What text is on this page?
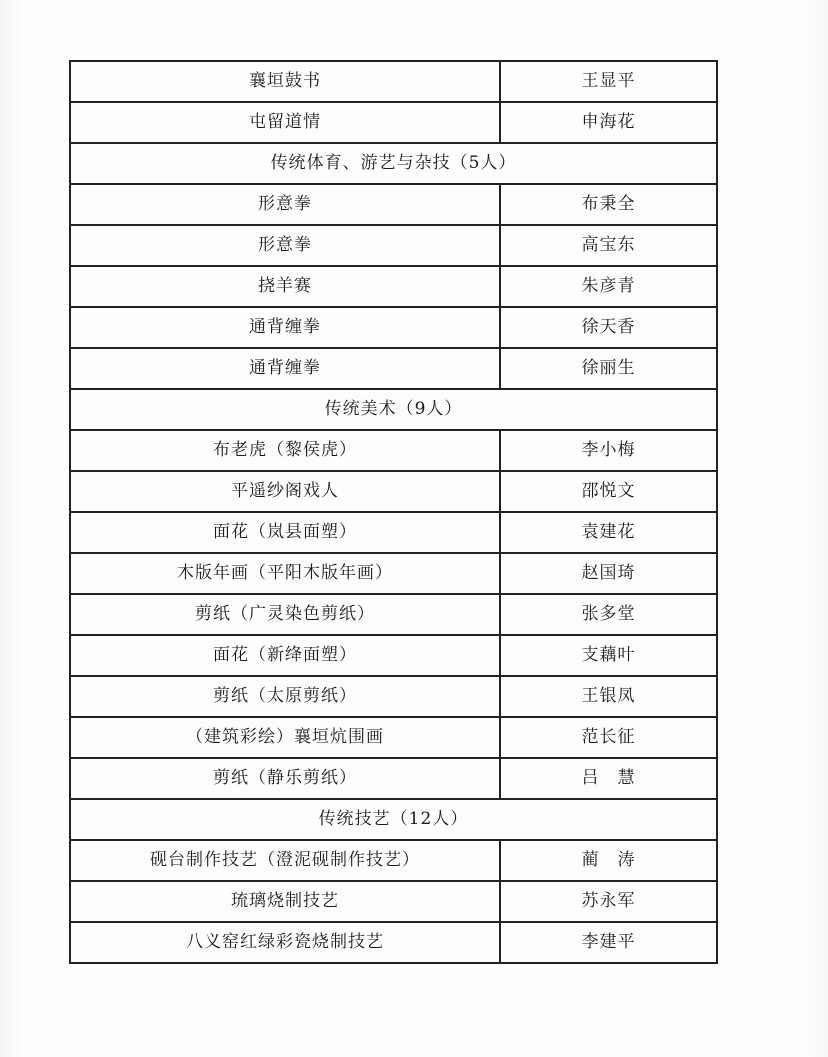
襄垣鼓书	王显平
屯留道情	申海花
传统体育、游艺与杂技（5人）	
形意拳	布秉全
形意拳	高宝东
挠羊赛	朱彦青
通背缠拳	徐天香
通背缠拳	徐丽生
传统美术（9人）	
布老虎（黎侯虎）	李小梅
平遥纱阁戏人	邵悦文
面花（岚县面塑）	袁建花
木版年画（平阳木版年画）	赵国琦
剪纸（广灵染色剪纸）	张多堂
面花（新绛面塑）	支藕叶
剪纸（太原剪纸）	王银凤
（建筑彩绘）襄垣炕围画	范长征
剪纸（静乐剪纸）	吕　慧
传统技艺（12人）	
砚台制作技艺（澄泥砚制作技艺）	蔺　涛
琉璃烧制技艺	苏永军
八义窑红绿彩瓷烧制技艺	李建平
